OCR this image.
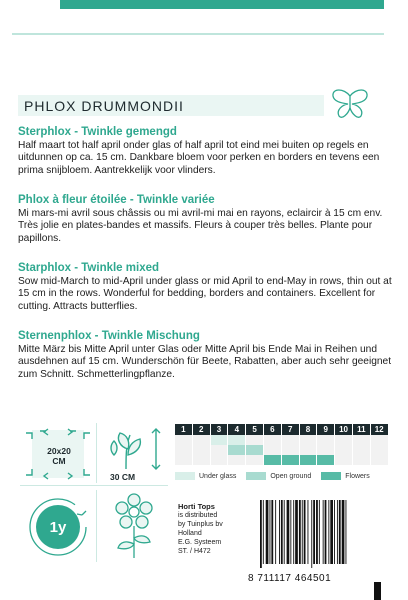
PHLOX DRUMMONDII
Sterphlox - Twinkle gemengd

Half maart tot half april onder glas of half april tot eind mei buiten op regels en uitdunnen op ca. 15 cm. Dankbare bloem voor perken en borders en tevens een prima snijbloem. Aantrekkelijk voor vlinders.

Phlox à fleur étoilée - Twinkle variée

Mi mars-mi avril sous châssis ou mi avril-mi mai en rayons, eclaircir à 15 cm env. Très jolie en plates-bandes et massifs. Fleurs à couper très belles. Plante pour papillons.

Starphlox - Twinkle mixed

Sow mid-March to mid-April under glass or mid April to end-May in rows, thin out at 15 cm in the rows. Wonderful for bedding, borders and containers. Excellent for cutting. Attracts butterflies.

Sternenphlox - Twinkle Mischung

Mitte März bis Mitte April unter Glas oder Mitte April bis Ende Mai in Reihen und ausdehnen auf 15 cm. Wunderschön für Beete, Rabatten, aber auch sehr geeignet zum Schnitt. Schmetterlingpflanze.

20x20
CM
30 CM
1y
1	2	3	4	5	6	7	8	9	10	11	12
Under glass	Open ground	Flowers
Horti Tops
is distributed
by Tuinplus bv
Holland
E.G. Systeem
ST. / H472
8 711117 464501
